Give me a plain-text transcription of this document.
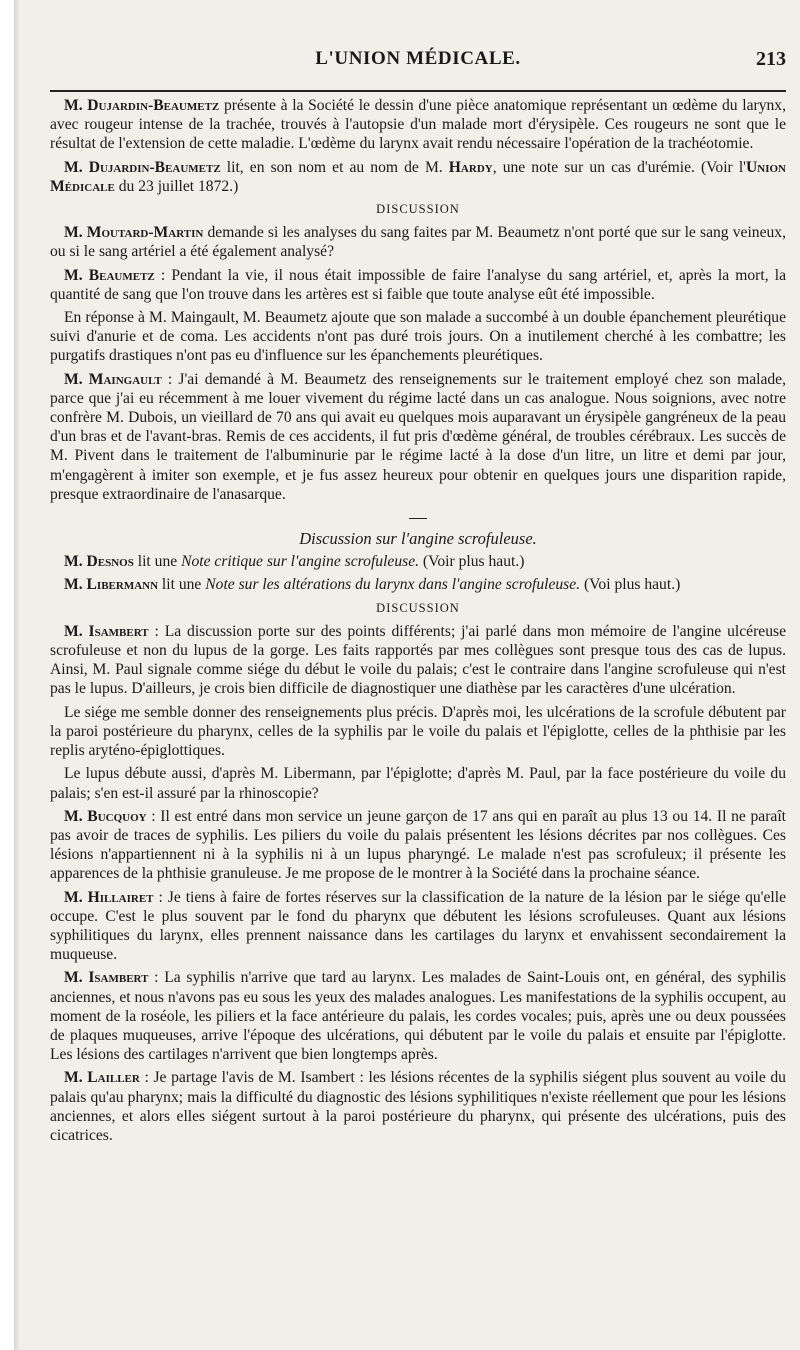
L'UNION MÉDICALE.	213

M. Dujardin-Beaumetz présente à la Société le dessin d'une pièce anatomique représentant un œdème du larynx, avec rougeur intense de la trachée, trouvés à l'autopsie d'un malade mort d'érysipèle. Ces rougeurs ne sont que le résultat de l'extension de cette maladie. L'œdème du larynx avait rendu nécessaire l'opération de la trachéotomie.

M. Dujardin-Beaumetz lit, en son nom et au nom de M. Hardy, une note sur un cas d'urémie. (Voir l'Union Médicale du 23 juillet 1872.)

DISCUSSION

M. Moutard-Martin demande si les analyses du sang faites par M. Beaumetz n'ont porté que sur le sang veineux, ou si le sang artériel a été également analysé?

M. Beaumetz : Pendant la vie, il nous était impossible de faire l'analyse du sang artériel, et, après la mort, la quantité de sang que l'on trouve dans les artères est si faible que toute analyse eût été impossible.

En réponse à M. Maingault, M. Beaumetz ajoute que son malade a succombé à un double épanchement pleurétique suivi d'anurie et de coma. Les accidents n'ont pas duré trois jours. On a inutilement cherché à les combattre; les purgatifs drastiques n'ont pas eu d'influence sur les épanchements pleurétiques.

M. Maingault : J'ai demandé à M. Beaumetz des renseignements sur le traitement employé chez son malade, parce que j'ai eu récemment à me louer vivement du régime lacté dans un cas analogue. Nous soignions, avec notre confrère M. Dubois, un vieillard de 70 ans qui avait eu quelques mois auparavant un érysipèle gangréneux de la peau d'un bras et de l'avant-bras. Remis de ces accidents, il fut pris d'œdème général, de troubles cérébraux. Les succès de M. Pivent dans le traitement de l'albuminurie par le régime lacté à la dose d'un litre, un litre et demi par jour, m'engagèrent à imiter son exemple, et je fus assez heureux pour obtenir en quelques jours une disparition rapide, presque extraordinaire de l'anasarque.

Discussion sur l'angine scrofuleuse.

M. Desnos lit une Note critique sur l'angine scrofuleuse. (Voir plus haut.)

M. Libermann lit une Note sur les altérations du larynx dans l'angine scrofuleuse. (Voi plus haut.)

DISCUSSION

M. Isambert : La discussion porte sur des points différents; j'ai parlé dans mon mémoire de l'angine ulcéreuse scrofuleuse et non du lupus de la gorge. Les faits rapportés par mes collègues sont presque tous des cas de lupus. Ainsi, M. Paul signale comme siége du début le voile du palais; c'est le contraire dans l'angine scrofuleuse qui n'est pas le lupus. D'ailleurs, je crois bien difficile de diagnostiquer une diathèse par les caractères d'une ulcération.

Le siége me semble donner des renseignements plus précis. D'après moi, les ulcérations de la scrofule débutent par la paroi postérieure du pharynx, celles de la syphilis par le voile du palais et l'épiglotte, celles de la phthisie par les replis aryténo-épiglottiques.

Le lupus débute aussi, d'après M. Libermann, par l'épiglotte; d'après M. Paul, par la face postérieure du voile du palais; s'en est-il assuré par la rhinoscopie?

M. Bucquoy : Il est entré dans mon service un jeune garçon de 17 ans qui en paraît au plus 13 ou 14. Il ne paraît pas avoir de traces de syphilis. Les piliers du voile du palais présentent les lésions décrites par nos collègues. Ces lésions n'appartiennent ni à la syphilis ni à un lupus pharyngé. Le malade n'est pas scrofuleux; il présente les apparences de la phthisie granuleuse. Je me propose de le montrer à la Société dans la prochaine séance.

M. Hillairet : Je tiens à faire de fortes réserves sur la classification de la nature de la lésion par le siége qu'elle occupe. C'est le plus souvent par le fond du pharynx que débutent les lésions scrofuleuses. Quant aux lésions syphilitiques du larynx, elles prennent naissance dans les cartilages du larynx et envahissent secondairement la muqueuse.

M. Isambert : La syphilis n'arrive que tard au larynx. Les malades de Saint-Louis ont, en général, des syphilis anciennes, et nous n'avons pas eu sous les yeux des malades analogues. Les manifestations de la syphilis occupent, au moment de la roséole, les piliers et la face antérieure du palais, les cordes vocales; puis, après une ou deux poussées de plaques muqueuses, arrive l'époque des ulcérations, qui débutent par le voile du palais et ensuite par l'épiglotte. Les lésions des cartilages n'arrivent que bien longtemps après.

M. Lailler : Je partage l'avis de M. Isambert : les lésions récentes de la syphilis siégent plus souvent au voile du palais qu'au pharynx; mais la difficulté du diagnostic des lésions syphilitiques n'existe réellement que pour les lésions anciennes, et alors elles siégent surtout à la paroi postérieure du pharynx, qui présente des ulcérations, puis des cicatrices.
